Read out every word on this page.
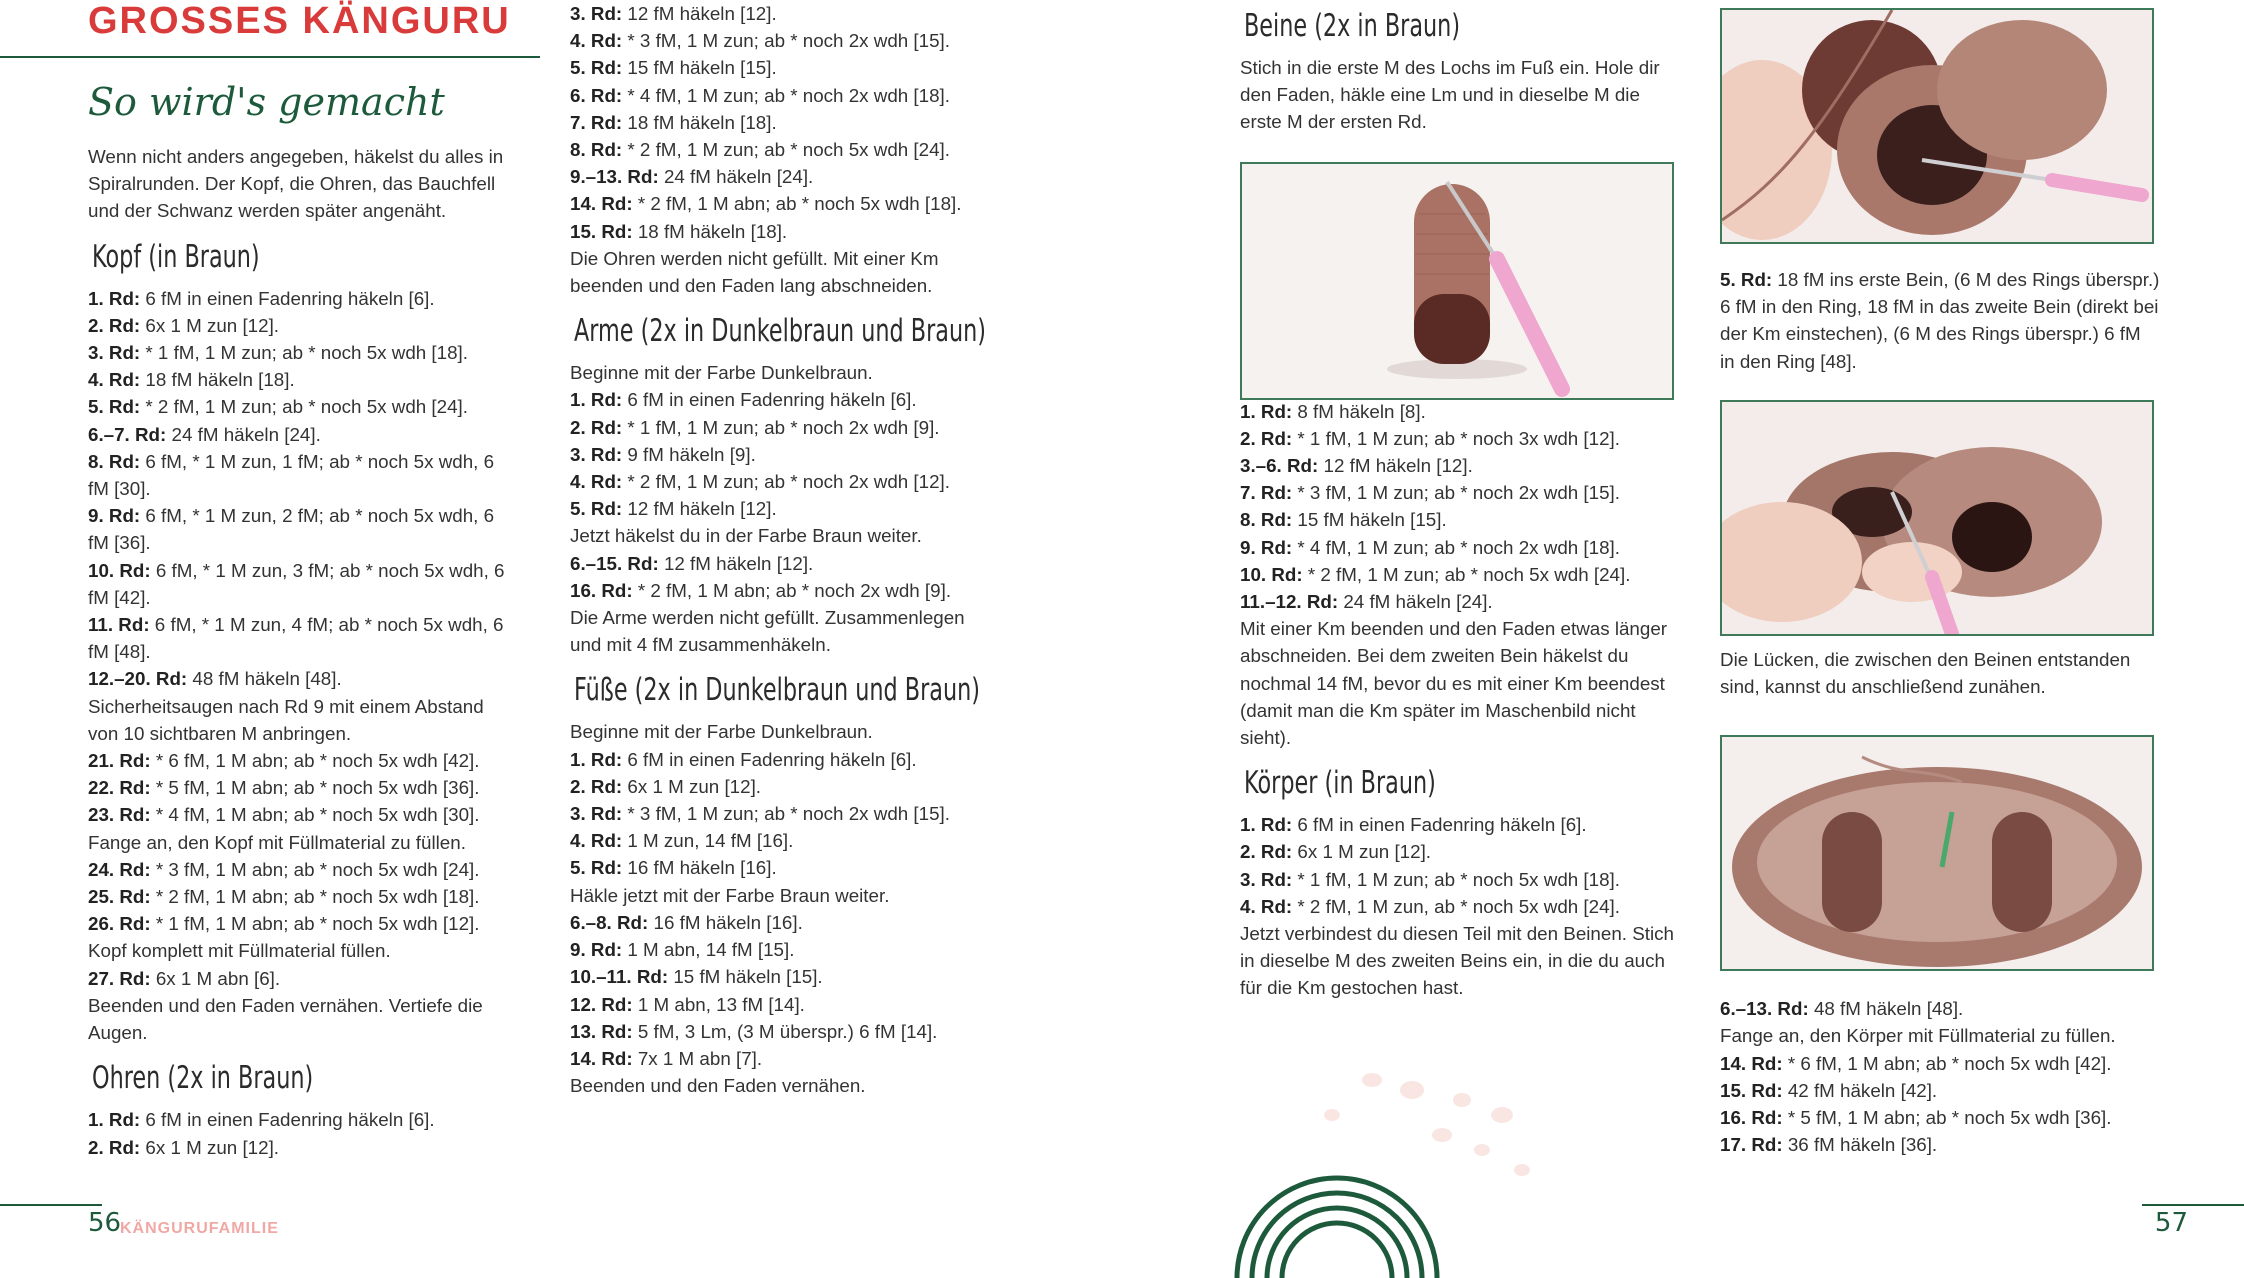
GROSSES KÄNGURU
So wird's gemacht

Wenn nicht anders angegeben, häkelst du alles in Spiralrunden. Der Kopf, die Ohren, das Bauchfell und der Schwanz werden später angenäht.

Kopf (in Braun)

1. Rd: 6 fM in einen Fadenring häkeln [6].

2. Rd: 6x 1 M zun [12].

3. Rd: * 1 fM, 1 M zun; ab * noch 5x wdh [18].

4. Rd: 18 fM häkeln [18].

5. Rd: * 2 fM, 1 M zun; ab * noch 5x wdh [24].

6.–7. Rd: 24 fM häkeln [24].

8. Rd: 6 fM, * 1 M zun, 1 fM; ab * noch 5x wdh, 6 fM [30].

9. Rd: 6 fM, * 1 M zun, 2 fM; ab * noch 5x wdh, 6 fM [36].

10. Rd: 6 fM, * 1 M zun, 3 fM; ab * noch 5x wdh, 6 fM [42].

11. Rd: 6 fM, * 1 M zun, 4 fM; ab * noch 5x wdh, 6 fM [48].

12.–20. Rd: 48 fM häkeln [48].

Sicherheitsaugen nach Rd 9 mit einem Abstand von 10 sichtbaren M anbringen.

21. Rd: * 6 fM, 1 M abn; ab * noch 5x wdh [42].

22. Rd: * 5 fM, 1 M abn; ab * noch 5x wdh [36].

23. Rd: * 4 fM, 1 M abn; ab * noch 5x wdh [30].

Fange an, den Kopf mit Füllmaterial zu füllen.

24. Rd: * 3 fM, 1 M abn; ab * noch 5x wdh [24].

25. Rd: * 2 fM, 1 M abn; ab * noch 5x wdh [18].

26. Rd: * 1 fM, 1 M abn; ab * noch 5x wdh [12].

Kopf komplett mit Füllmaterial füllen.

27. Rd: 6x 1 M abn [6].

Beenden und den Faden vernähen. Vertiefe die Augen.

Ohren (2x in Braun)

1. Rd: 6 fM in einen Fadenring häkeln [6].

2. Rd: 6x 1 M zun [12].

3. Rd: 12 fM häkeln [12].

4. Rd: * 3 fM, 1 M zun; ab * noch 2x wdh [15].

5. Rd: 15 fM häkeln [15].

6. Rd: * 4 fM, 1 M zun; ab * noch 2x wdh [18].

7. Rd: 18 fM häkeln [18].

8. Rd: * 2 fM, 1 M zun; ab * noch 5x wdh [24].

9.–13. Rd: 24 fM häkeln [24].

14. Rd: * 2 fM, 1 M abn; ab * noch 5x wdh [18].

15. Rd: 18 fM häkeln [18].

Die Ohren werden nicht gefüllt. Mit einer Km beenden und den Faden lang abschneiden.

Arme (2x in Dunkelbraun und Braun)

Beginne mit der Farbe Dunkelbraun.

1. Rd: 6 fM in einen Fadenring häkeln [6].

2. Rd: * 1 fM, 1 M zun; ab * noch 2x wdh [9].

3. Rd: 9 fM häkeln [9].

4. Rd: * 2 fM, 1 M zun; ab * noch 2x wdh [12].

5. Rd: 12 fM häkeln [12].

Jetzt häkelst du in der Farbe Braun weiter.

6.–15. Rd: 12 fM häkeln [12].

16. Rd: * 2 fM, 1 M abn; ab * noch 2x wdh [9].

Die Arme werden nicht gefüllt. Zusammenlegen und mit 4 fM zusammenhäkeln.

Füße (2x in Dunkelbraun und Braun)

Beginne mit der Farbe Dunkelbraun.

1. Rd: 6 fM in einen Fadenring häkeln [6].

2. Rd: 6x 1 M zun [12].

3. Rd: * 3 fM, 1 M zun; ab * noch 2x wdh [15].

4. Rd: 1 M zun, 14 fM [16].

5. Rd: 16 fM häkeln [16].

Häkle jetzt mit der Farbe Braun weiter.

6.–8. Rd: 16 fM häkeln [16].

9. Rd: 1 M abn, 14 fM [15].

10.–11. Rd: 15 fM häkeln [15].

12. Rd: 1 M abn, 13 fM [14].

13. Rd: 5 fM, 3 Lm, (3 M überspr.) 6 fM [14].

14. Rd: 7x 1 M abn [7].

Beenden und den Faden vernähen.

56
KÄNGURUFAMILIE
Beine (2x in Braun)

Stich in die erste M des Lochs im Fuß ein. Hole dir den Faden, häkle eine Lm und in dieselbe M die erste M der ersten Rd.

1. Rd: 8 fM häkeln [8].

2. Rd: * 1 fM, 1 M zun; ab * noch 3x wdh [12].

3.–6. Rd: 12 fM häkeln [12].

7. Rd: * 3 fM, 1 M zun; ab * noch 2x wdh [15].

8. Rd: 15 fM häkeln [15].

9. Rd: * 4 fM, 1 M zun; ab * noch 2x wdh [18].

10. Rd: * 2 fM, 1 M zun; ab * noch 5x wdh [24].

11.–12. Rd: 24 fM häkeln [24].

Mit einer Km beenden und den Faden etwas länger abschneiden. Bei dem zweiten Bein häkelst du nochmal 14 fM, bevor du es mit einer Km beendest (damit man die Km später im Maschenbild nicht sieht).

Körper (in Braun)

1. Rd: 6 fM in einen Fadenring häkeln [6].

2. Rd: 6x 1 M zun [12].

3. Rd: * 1 fM, 1 M zun; ab * noch 5x wdh [18].

4. Rd: * 2 fM, 1 M zun, ab * noch 5x wdh [24].

Jetzt verbindest du diesen Teil mit den Beinen. Stich in dieselbe M des zweiten Beins ein, in die du auch für die Km gestochen hast.

5. Rd: 18 fM ins erste Bein, (6 M des Rings überspr.) 6 fM in den Ring, 18 fM in das zweite Bein (direkt bei der Km einstechen), (6 M des Rings überspr.) 6 fM in den Ring [48].

Die Lücken, die zwischen den Beinen entstanden sind, kannst du anschließend zunähen.

6.–13. Rd: 48 fM häkeln [48].

Fange an, den Körper mit Füllmaterial zu füllen.

14. Rd: * 6 fM, 1 M abn; ab * noch 5x wdh [42].

15. Rd: 42 fM häkeln [42].

16. Rd: * 5 fM, 1 M abn; ab * noch 5x wdh [36].

17. Rd: 36 fM häkeln [36].

57
